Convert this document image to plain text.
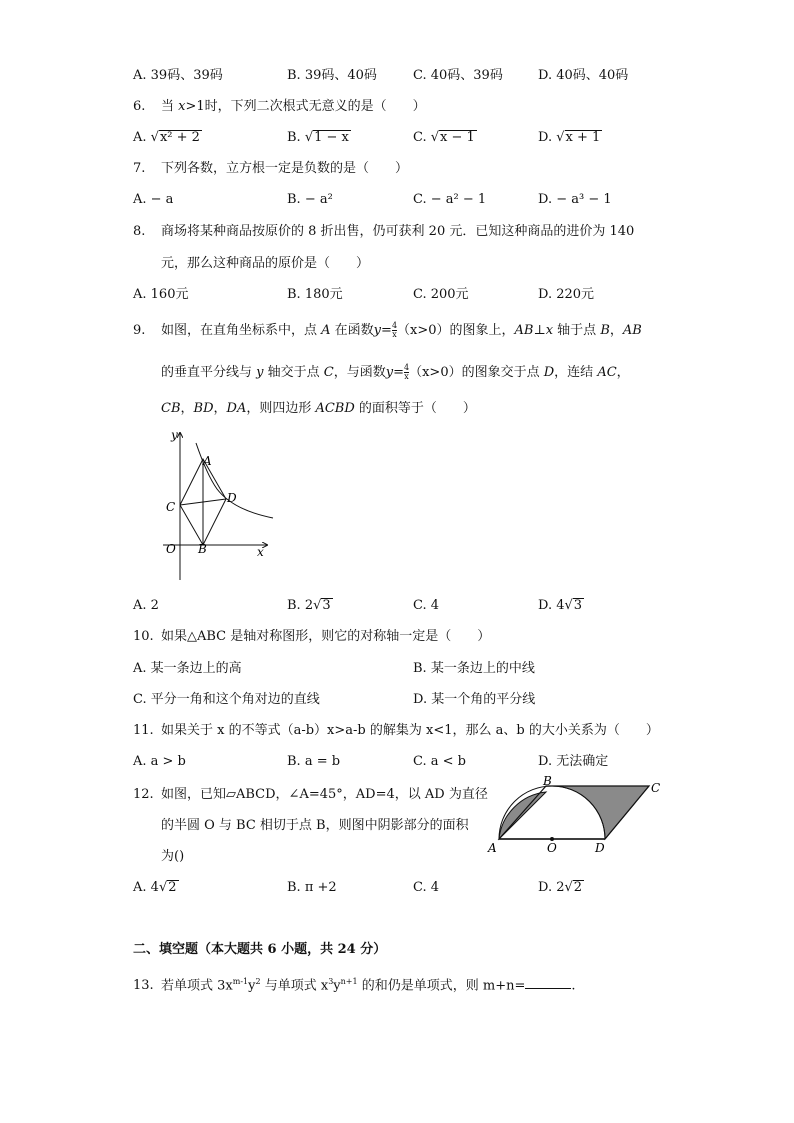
A. 39码、39码	B. 39码、40码	C. 40码、39码	D. 40码、40码
6. 当 x>1时，下列二次根式无意义的是（　　）
A. √x² + 2	B. √1 − x	C. √x − 1	D. √x + 1
7. 下列各数，立方根一定是负数的是（　　）
A. − a	B. − a²	C. − a² − 1	D. − a³ − 1
8. 商场将某种商品按原价的 8 折出售，仍可获利 20 元．已知这种商品的进价为 140
元，那么这种商品的原价是（　　）
A. 160元	B. 180元	C. 200元	D. 220元
9. 如图，在直角坐标系中，点 A 在函数$y= \frac{4}{x} (x>0)$的图象上，AB⊥x 轴于点 B，AB
的垂直平分线与 y 轴交于点 C，与函数$y= \frac{4}{x} (x>0)$的图象交于点 D，连结 AC，
CB，BD，DA，则四边形 ACBD 的面积等于（　　）
y
x
O
A
B
C
D
A. 2	B. 2√3	C. 4	D. 4√3
10. 如果△ABC 是轴对称图形，则它的对称轴一定是（　　）
A. 某一条边上的高	B. 某一条边上的中线
C. 平分一角和这个角对边的直线	D. 某一个角的平分线
11. 如果关于 x 的不等式（a-b）x>a-b 的解集为 x<1，那么 a、b 的大小关系为（　　）
A. a > b	B. a = b	C. a < b	D. 无法确定
12. 如图，已知▱ABCD，∠A=45°，AD=4，以 AD 为直径
的半圆 O 与 BC 相切于点 B，则图中阴影部分的面积
为()
A
B	C
D
O
A. 4√2	B. π +2	C. 4	D. 2√2
二、填空题（本大题共 6 小题，共 24 分）
13. 若单项式 $3x^{m-1}y^2$ 与单项式 $x^3y^{n+1}$ 的和仍是单项式，则 m+n=	.
